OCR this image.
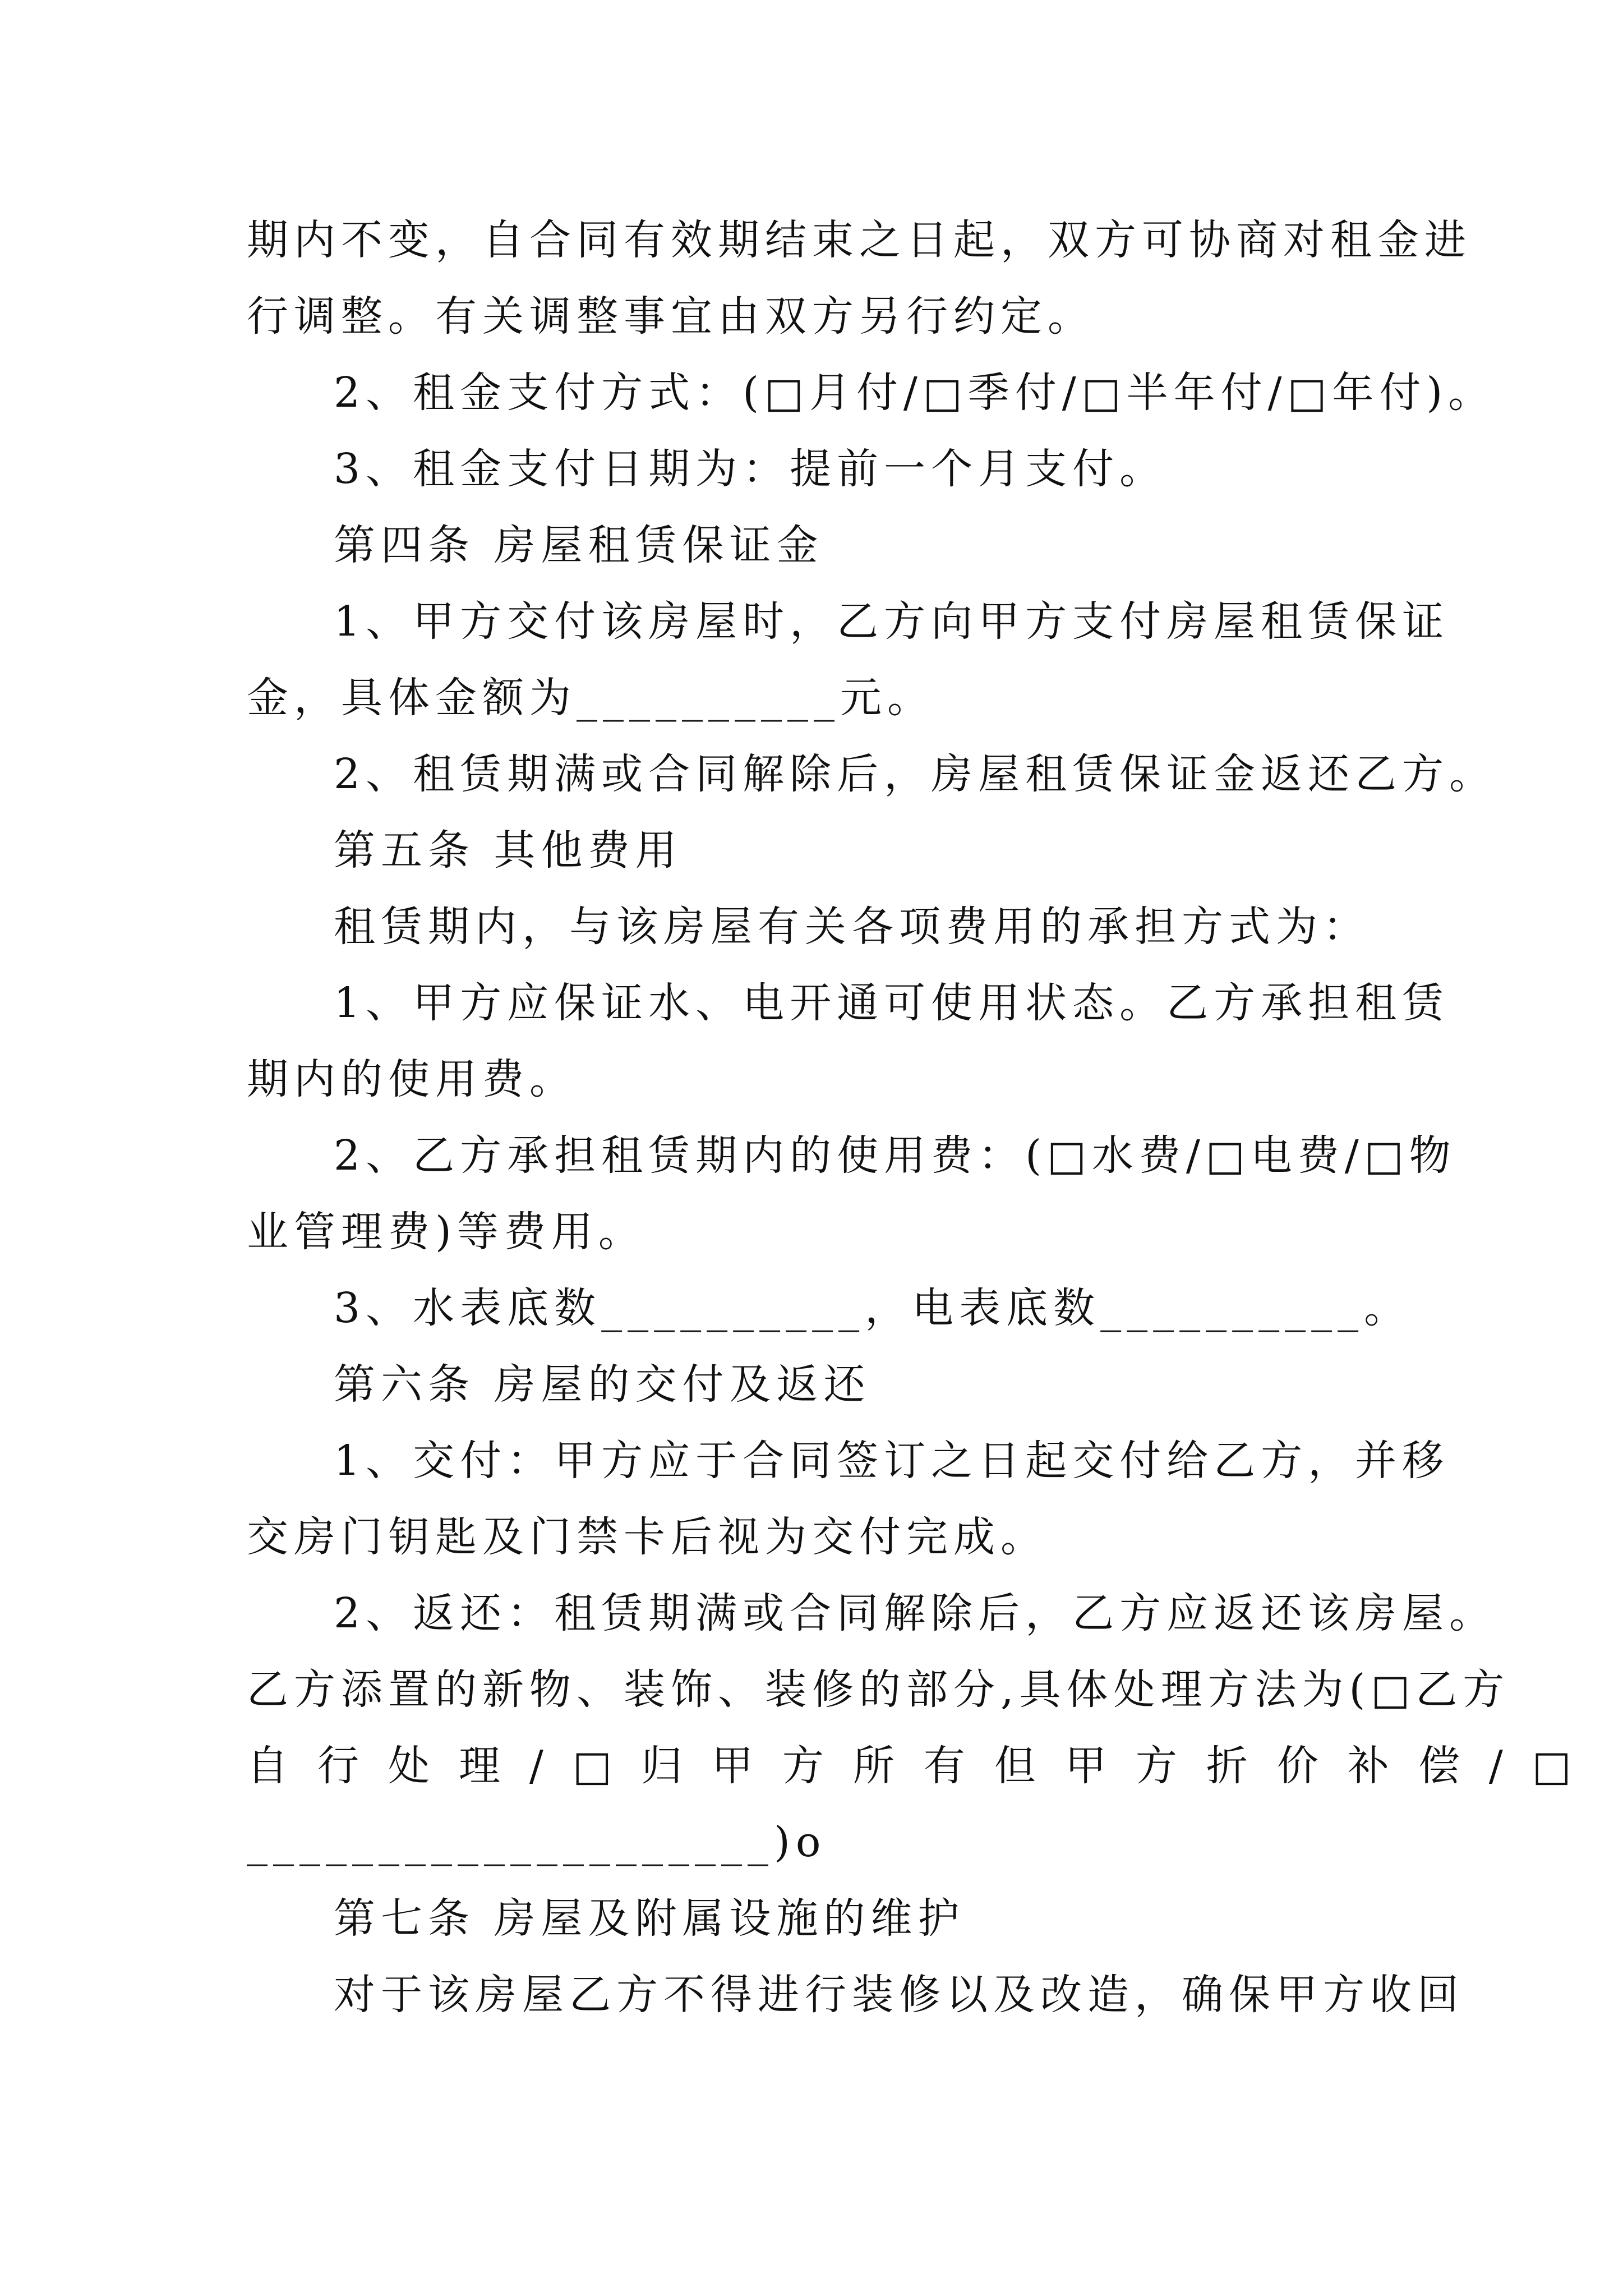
期内不变，自合同有效期结束之日起，双方可协商对租金进
行调整。有关调整事宜由双方另行约定。
2、租金支付方式：(□月付/□季付/□半年付/□年付)。
3、租金支付日期为：提前一个月支付。
第四条 房屋租赁保证金
1、甲方交付该房屋时，乙方向甲方支付房屋租赁保证
金，具体金额为__________元。
2、租赁期满或合同解除后，房屋租赁保证金返还乙方。
第五条 其他费用
租赁期内，与该房屋有关各项费用的承担方式为：
1、甲方应保证水、电开通可使用状态。乙方承担租赁
期内的使用费。
2、乙方承担租赁期内的使用费：(□水费/□电费/□物
业管理费)等费用。
3、水表底数__________，电表底数__________。
第六条 房屋的交付及返还
1、交付：甲方应于合同签订之日起交付给乙方，并移
交房门钥匙及门禁卡后视为交付完成。
2、返还：租赁期满或合同解除后，乙方应返还该房屋。
乙方添置的新物、装饰、装修的部分,具体处理方法为(□乙方
自行处理/□归甲方所有但甲方折价补偿/□
____________________)o
第七条 房屋及附属设施的维护
对于该房屋乙方不得进行装修以及改造，确保甲方收回
